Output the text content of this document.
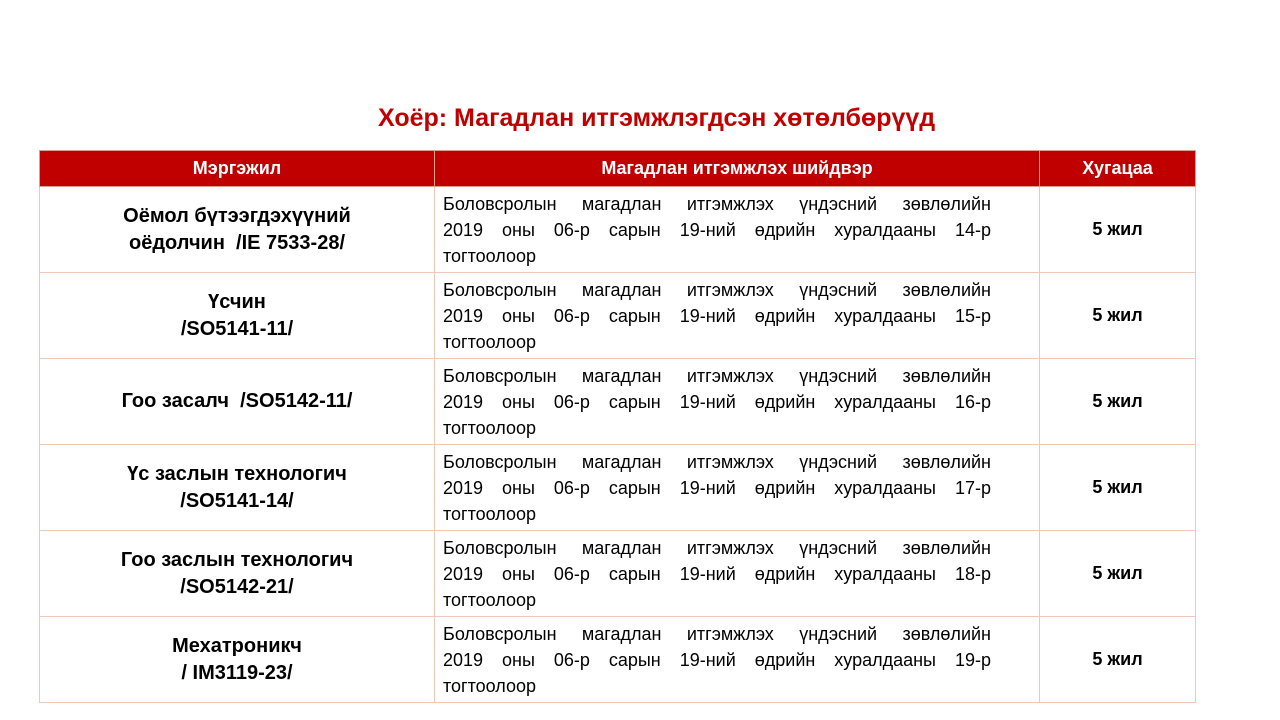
Хоёр: Магадлан итгэмжлэгдсэн хөтөлбөрүүд
Мэргэжил	Магадлан итгэмжлэх шийдвэр	Хугацаа

Оёмол бүтээгдэхүүний
оёдолчин  /IE 7533-28/	Боловсролын магадлан итгэмжлэх үндэсний зөвлөлийн
2019 оны 06-р сарын 19-ний өдрийн хуралдааны 14-р
тогтоолоор	5 жил

Үсчин
/SO5141-11/	Боловсролын магадлан итгэмжлэх үндэсний зөвлөлийн
2019 оны 06-р сарын 19-ний өдрийн хуралдааны 15-р
тогтоолоор	5 жил

Гоо засалч  /SO5142-11/	Боловсролын магадлан итгэмжлэх үндэсний зөвлөлийн
2019 оны 06-р сарын 19-ний өдрийн хуралдааны 16-р
тогтоолоор	5 жил

Үс заслын технологич
/SO5141-14/	Боловсролын магадлан итгэмжлэх үндэсний зөвлөлийн
2019 оны 06-р сарын 19-ний өдрийн хуралдааны 17-р
тогтоолоор	5 жил

Гоо заслын технологич
/SO5142-21/	Боловсролын магадлан итгэмжлэх үндэсний зөвлөлийн
2019 оны 06-р сарын 19-ний өдрийн хуралдааны 18-р
тогтоолоор	5 жил

Мехатроникч
/ IM3119-23/	Боловсролын магадлан итгэмжлэх үндэсний зөвлөлийн
2019 оны 06-р сарын 19-ний өдрийн хуралдааны 19-р
тогтоолоор	5 жил
